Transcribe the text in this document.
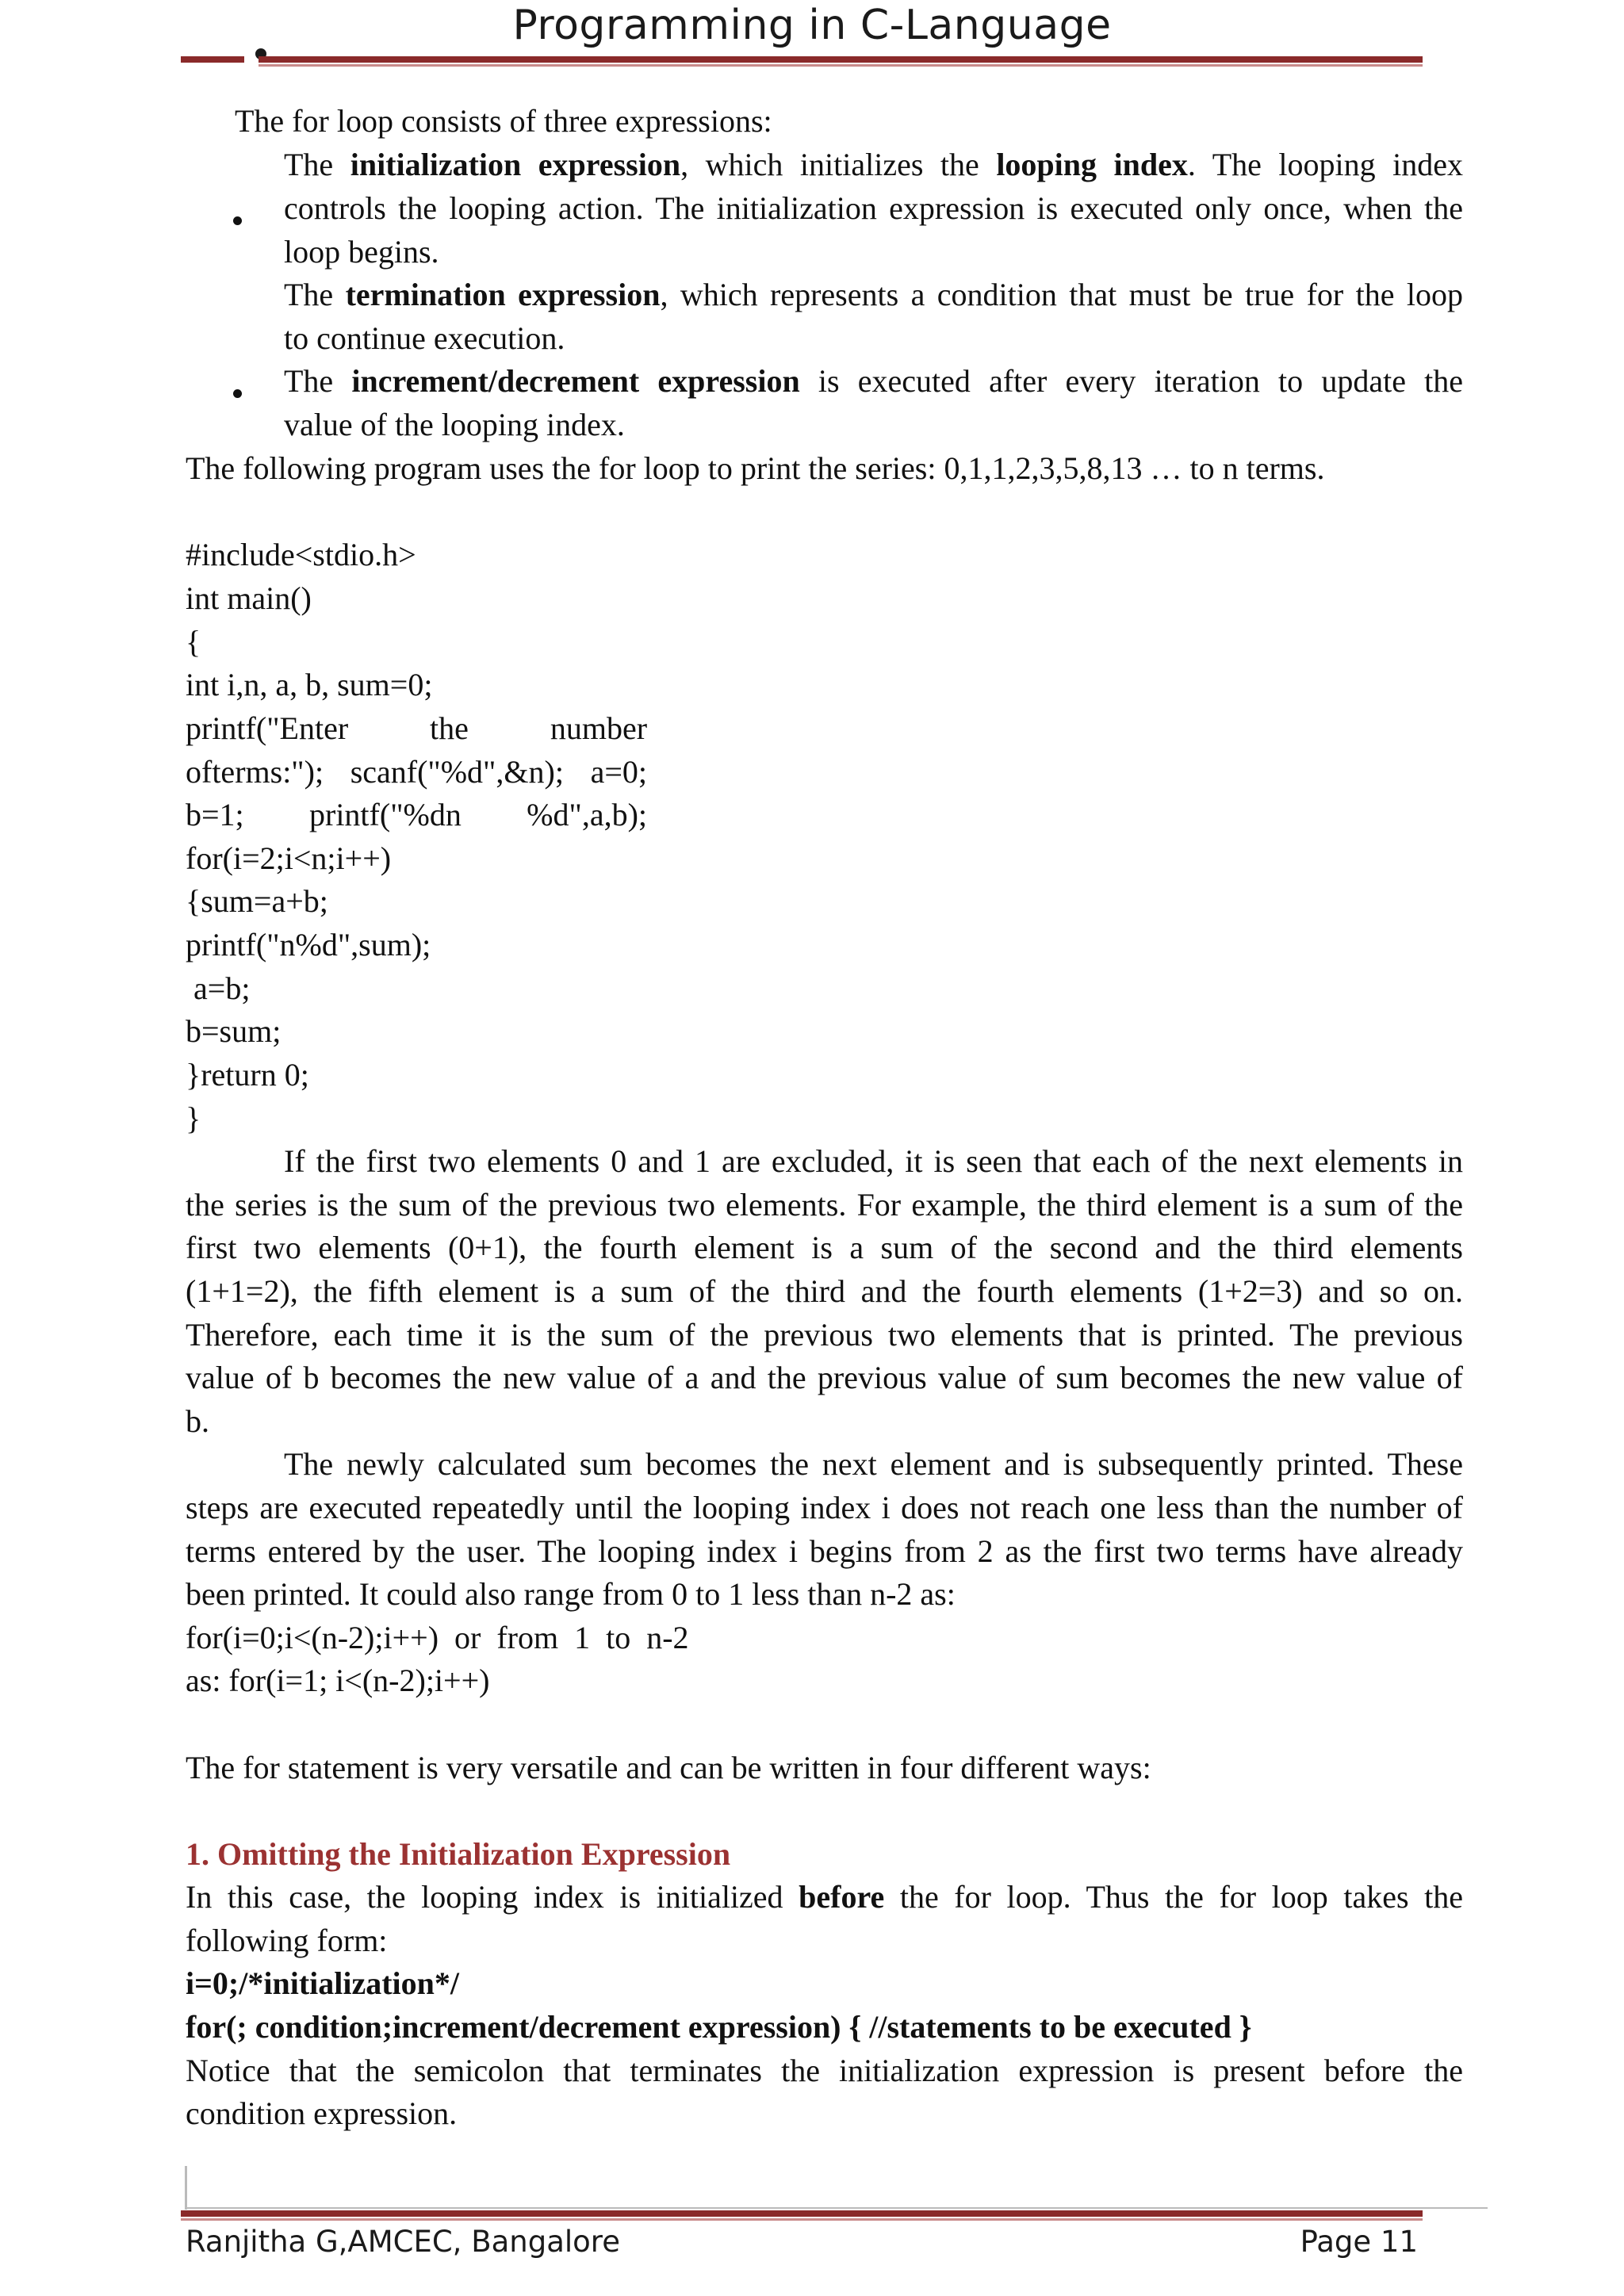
Programming in C-Language
The for loop consists of three expressions:
The initialization expression, which initializes the looping index. The looping index
controls the looping action. The initialization expression is executed only once, when the
loop begins.
The termination expression, which represents a condition that must be true for the loop
to continue execution.
The increment/decrement expression is executed after every iteration to update the
value of the looping index.
The following program uses the for loop to print the series: 0,1,1,2,3,5,8,13 … to n terms.
#include<stdio.h>
int main()
{
int i,n, a, b, sum=0;
printf("Enter	the	number
ofterms:"); scanf("%d",&n); a=0;
b=1; printf("%dn %d",a,b);
for(i=2;i<n;i++)
{sum=a+b;
printf("n%d",sum);
a=b;
b=sum;
}return 0;
}
If the first two elements 0 and 1 are excluded, it is seen that each of the next elements in
the series is the sum of the previous two elements. For example, the third element is a sum of the
first two elements (0+1), the fourth element is a sum of the second and the third elements
(1+1=2), the fifth element is a sum of the third and the fourth elements (1+2=3) and so on.
Therefore, each time it is the sum of the previous two elements that is printed. The previous
value of b becomes the new value of a and the previous value of sum becomes the new value of
b.
The newly calculated sum becomes the next element and is subsequently printed. These
steps are executed repeatedly until the looping index i does not reach one less than the number of
terms entered by the user. The looping index i begins from 2 as the first two terms have already
been printed. It could also range from 0 to 1 less than n-2 as:
for(i=0;i<(n-2);i++)  or  from  1  to  n-2
as: for(i=1; i<(n-2);i++)
The for statement is very versatile and can be written in four different ways:
1. Omitting the Initialization Expression
In this case, the looping index is initialized before the for loop. Thus the for loop takes the
following form:
i=0;/*initialization*/
for(; condition;increment/decrement expression) { //statements to be executed }
Notice that the semicolon that terminates the initialization expression is present before the
condition expression.
Ranjitha G,AMCEC, Bangalore	Page 11
